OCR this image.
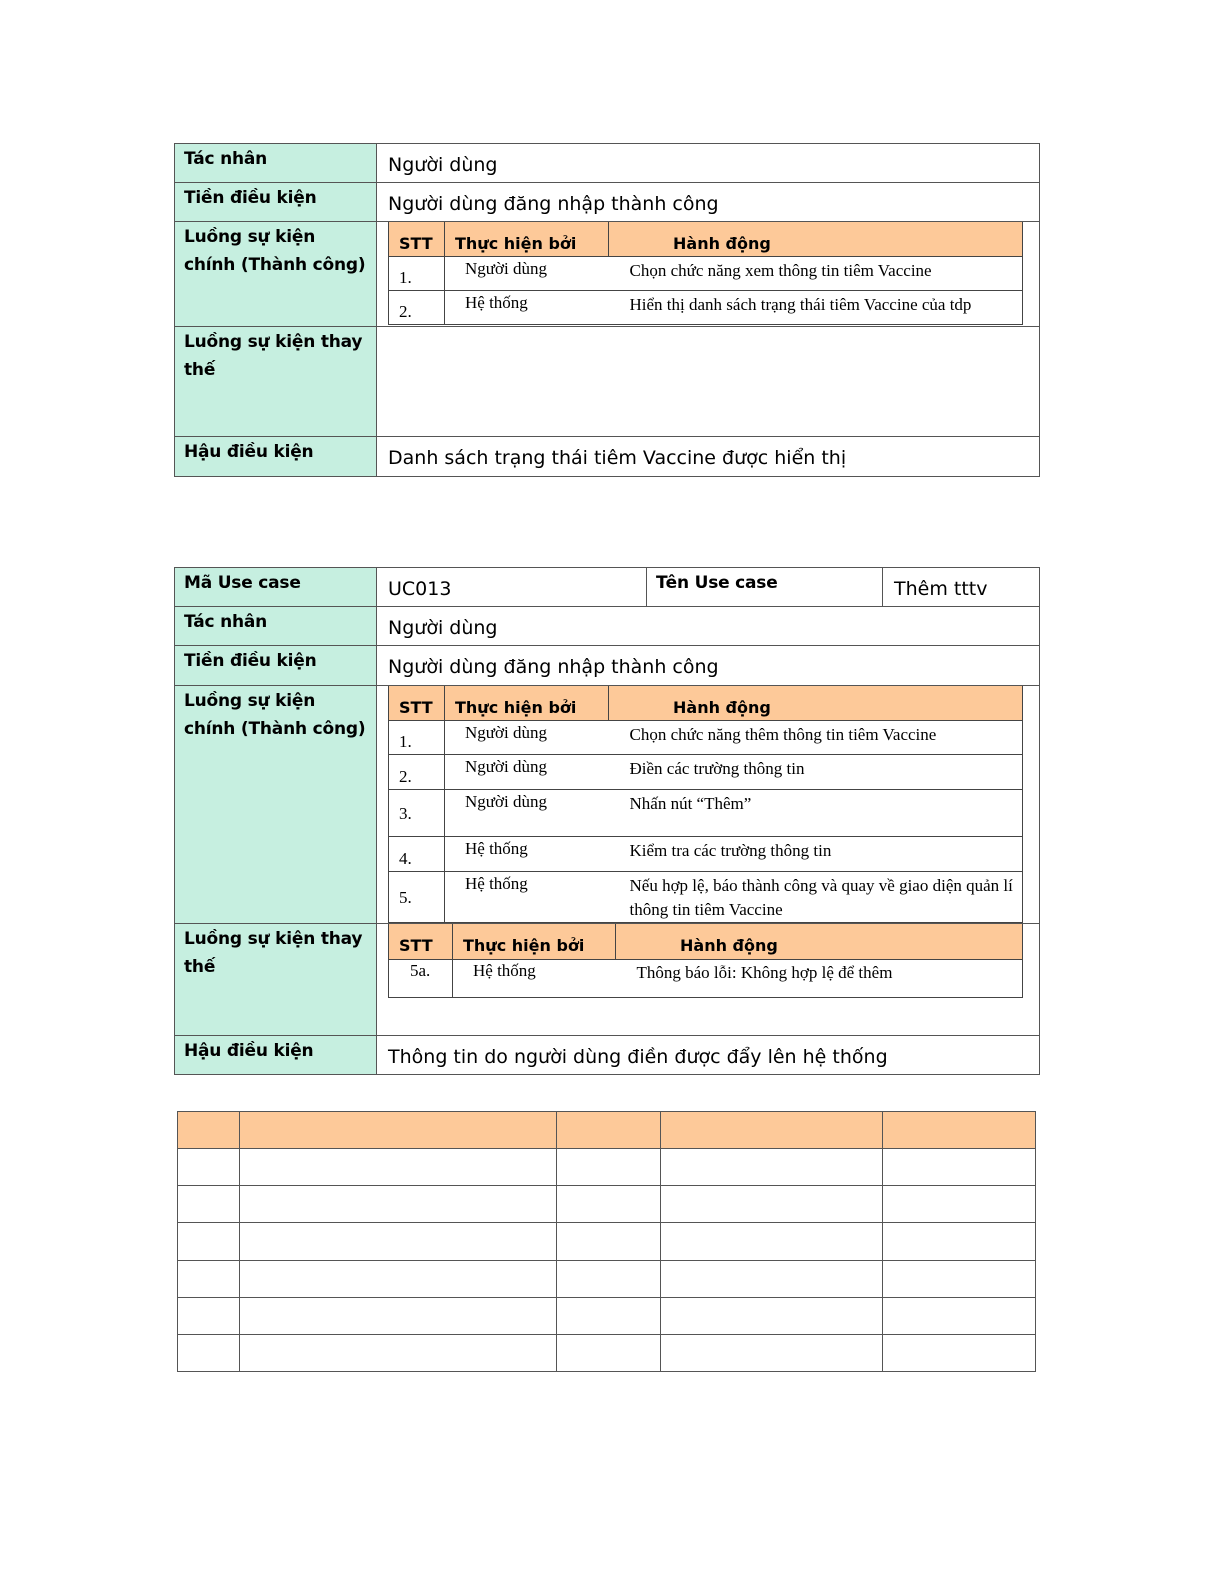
Tác nhân	Người dùng
Tiền điều kiện	Người dùng đăng nhập thành công
Luồng sự kiện chính (Thành công)	
STT	Thực hiện bởi	Hành động
1.	Người dùng	Chọn chức năng xem thông tin tiêm Vaccine
2.	Hệ thống	Hiển thị danh sách trạng thái tiêm Vaccine của tdp

Luồng sự kiện thay thế	
Hậu điều kiện	Danh sách trạng thái tiêm Vaccine được hiển thị
Mã Use case	UC013	Tên Use case	Thêm tttv
Tác nhân	Người dùng
Tiền điều kiện	Người dùng đăng nhập thành công
Luồng sự kiện chính (Thành công)	
STT	Thực hiện bởi	Hành động
1.	Người dùng	Chọn chức năng thêm thông tin tiêm Vaccine
2.	Người dùng	Điền các trường thông tin
3.	Người dùng	Nhấn nút “Thêm”
4.	Hệ thống	Kiểm tra các trường thông tin
5.	Hệ thống	Nếu hợp lệ, báo thành công và quay về giao diện quản lí thông tin tiêm Vaccine

Luồng sự kiện thay thế	
STT	Thực hiện bởi	Hành động
5a.	Hệ thống	Thông báo lỗi: Không hợp lệ để thêm

Hậu điều kiện	Thông tin do người dùng điền được đẩy lên hệ thống
